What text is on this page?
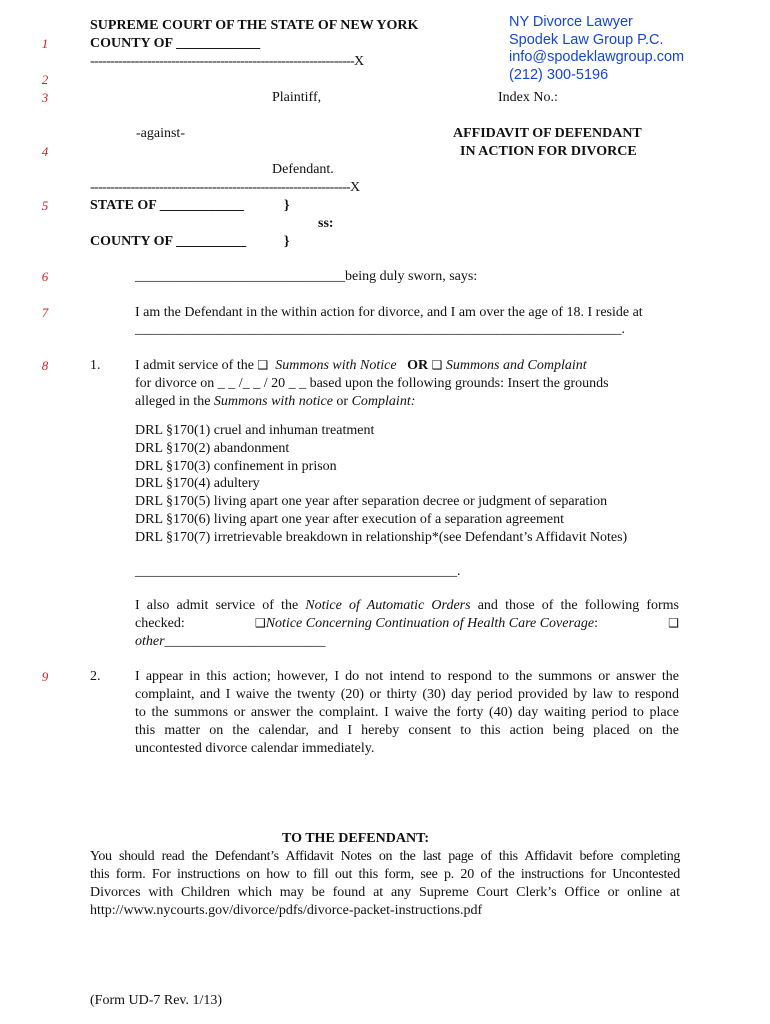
NY Divorce Lawyer
Spodek Law Group P.C.
info@spodeklawgroup.com
(212) 300-5196
1
2
3
4
5
6
7
8
9
SUPREME COURT OF THE STATE OF NEW YORK
COUNTY OF ____________
-----------------------------------------------------------------X
Plaintiff,	Index No.:
-against-	AFFIDAVIT OF DEFENDANT
IN ACTION FOR DIVORCE
Defendant.
----------------------------------------------------------------X
STATE OF ____________	}
ss:
COUNTY OF __________	}
______________________________being duly sworn, says:
I am the Defendant in the within action for divorce, and I am over the age of 18. I reside at
______________________________________________________________________.
1. I admit service of the ❑ Summons with Notice OR ❑ Summons and Complaint
for divorce on _ _ /_ _ / 20 _ _ based upon the following grounds: Insert the grounds
alleged in the Summons with notice or Complaint:
DRL §170(1) cruel and inhuman treatment
DRL §170(2) abandonment
DRL §170(3) confinement in prison
DRL §170(4) adultery
DRL §170(5) living apart one year after separation decree or judgment of separation
DRL §170(6) living apart one year after execution of a separation agreement
DRL §170(7) irretrievable breakdown in relationship*(see Defendant’s Affidavit Notes)
______________________________________________.
I also admit service of the Notice of Automatic Orders and those of the following forms
checked:	❑Notice Concerning Continuation of Health Care Coverage:	❑
other_______________________
2. I appear in this action; however, I do not intend to respond to the summons or answer the
complaint, and I waive the twenty (20) or thirty (30) day period provided by law to respond
to the summons or answer the complaint. I waive the forty (40) day waiting period to place
this matter on the calendar, and I hereby consent to this action being placed on the
uncontested divorce calendar immediately.
TO THE DEFENDANT:
You should read the Defendant’s Affidavit Notes on the last page of this Affidavit before completing
this form. For instructions on how to fill out this form, see p. 20 of the instructions for Uncontested
Divorces with Children which may be found at any Supreme Court Clerk’s Office or online at
http://www.nycourts.gov/divorce/pdfs/divorce-packet-instructions.pdf
(Form UD-7 Rev. 1/13)
